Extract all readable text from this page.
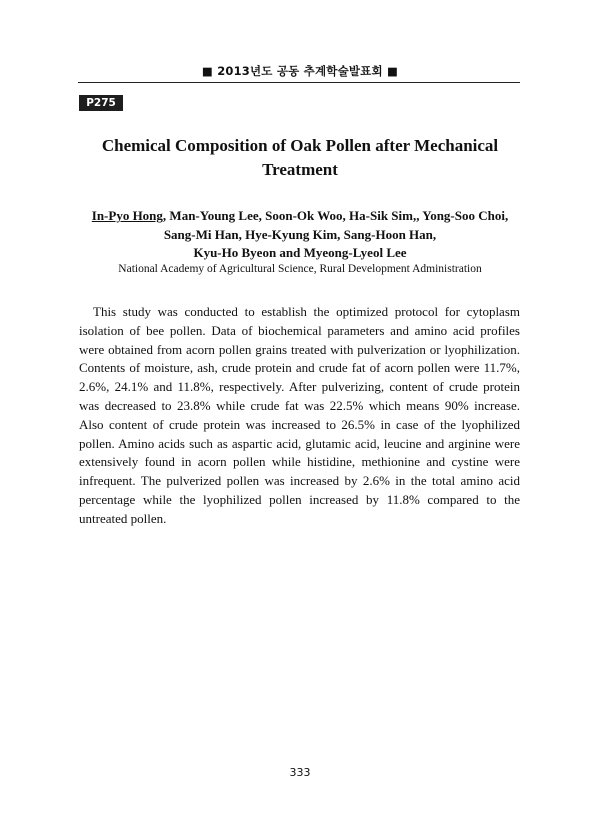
■ 2013년도 공동 추계학술발표회 ■
P275
Chemical Composition of Oak Pollen after Mechanical Treatment
In-Pyo Hong, Man-Young Lee, Soon-Ok Woo, Ha-Sik Sim,, Yong-Soo Choi,
Sang-Mi Han, Hye-Kyung Kim, Sang-Hoon Han,
Kyu-Ho Byeon and Myeong-Lyeol Lee
National Academy of Agricultural Science, Rural Development Administration
This study was conducted to establish the optimized protocol for cytoplasm isolation of bee pollen. Data of biochemical parameters and amino acid profiles were obtained from acorn pollen grains treated with pulverization or lyophilization. Contents of moisture, ash, crude protein and crude fat of acorn pollen were 11.7%, 2.6%, 24.1% and 11.8%, respectively. After pulverizing, content of crude protein was decreased to 23.8% while crude fat was 22.5% which means 90% increase. Also content of crude protein was increased to 26.5% in case of the lyophilized pollen. Amino acids such as aspartic acid, glutamic acid, leucine and arginine were extensively found in acorn pollen while histidine, methionine and cystine were infrequent. The pulverized pollen was increased by 2.6% in the total amino acid percentage while the lyophilized pollen increased by 11.8% compared to the untreated pollen.
333
